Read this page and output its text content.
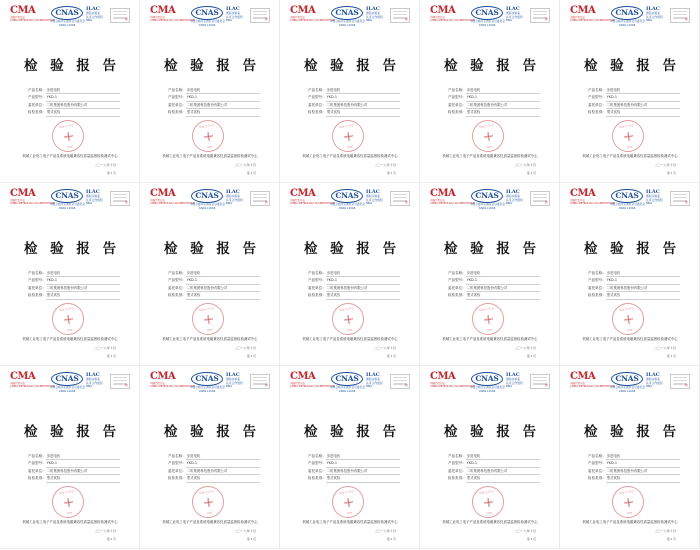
CMA
中国计量认证
CHINA METROLOGY ACCREDITATION
CNAS
中国合格评定国家认可委员会
CNAS L1046
ILAC
国际实验室
认可合作组织
MRA	检
检 验 报 告
产品名称: 步进电机
产品型号: YKD-1
委托单位: 二机集团科技股份有限公司
检验类别: 型式试验
检验专用章
CMA
机械工业电工电子产品及系统电磁兼容性质量监督检验测试中心
二〇一八年十月
第 1 页
CMA
中国计量认证
CHINA METROLOGY ACCREDITATION
CNAS
中国合格评定国家认可委员会
CNAS L1046
ILAC
国际实验室
认可合作组织
MRA	检
检 验 报 告
产品名称: 步进电机
产品型号: YKD-1
委托单位: 二机集团科技股份有限公司
检验类别: 型式试验
检验专用章
CMA
机械工业电工电子产品及系统电磁兼容性质量监督检验测试中心
二〇一八年十月
第 1 页
CMA
中国计量认证
CHINA METROLOGY ACCREDITATION
CNAS
中国合格评定国家认可委员会
CNAS L1046
ILAC
国际实验室
认可合作组织
MRA	检
检 验 报 告
产品名称: 步进电机
产品型号: YKD-1
委托单位: 二机集团科技股份有限公司
检验类别: 型式试验
检验专用章
CMA
机械工业电工电子产品及系统电磁兼容性质量监督检验测试中心
二〇一八年十月
第 1 页
CMA
中国计量认证
CHINA METROLOGY ACCREDITATION
CNAS
中国合格评定国家认可委员会
CNAS L1046
ILAC
国际实验室
认可合作组织
MRA	检
检 验 报 告
产品名称: 步进电机
产品型号: YKD-1
委托单位: 二机集团科技股份有限公司
检验类别: 型式试验
检验专用章
CMA
机械工业电工电子产品及系统电磁兼容性质量监督检验测试中心
二〇一八年十月
第 1 页
CMA
中国计量认证
CHINA METROLOGY ACCREDITATION
CNAS
中国合格评定国家认可委员会
CNAS L1046
ILAC
国际实验室
认可合作组织
MRA	检
检 验 报 告
产品名称: 步进电机
产品型号: YKD-1
委托单位: 二机集团科技股份有限公司
检验类别: 型式试验
检验专用章
CMA
机械工业电工电子产品及系统电磁兼容性质量监督检验测试中心
二〇一八年十月
第 1 页
CMA
中国计量认证
CHINA METROLOGY ACCREDITATION
CNAS
中国合格评定国家认可委员会
CNAS L1046
ILAC
国际实验室
认可合作组织
MRA	检
检 验 报 告
产品名称: 步进电机
产品型号: YKD-1
委托单位: 二机集团科技股份有限公司
检验类别: 型式试验
检验专用章
CMA
机械工业电工电子产品及系统电磁兼容性质量监督检验测试中心
二〇一八年十月
第 1 页
CMA
中国计量认证
CHINA METROLOGY ACCREDITATION
CNAS
中国合格评定国家认可委员会
CNAS L1046
ILAC
国际实验室
认可合作组织
MRA	检
检 验 报 告
产品名称: 步进电机
产品型号: YKD-1
委托单位: 二机集团科技股份有限公司
检验类别: 型式试验
检验专用章
CMA
机械工业电工电子产品及系统电磁兼容性质量监督检验测试中心
二〇一八年十月
第 1 页
CMA
中国计量认证
CHINA METROLOGY ACCREDITATION
CNAS
中国合格评定国家认可委员会
CNAS L1046
ILAC
国际实验室
认可合作组织
MRA	检
检 验 报 告
产品名称: 步进电机
产品型号: YKD-1
委托单位: 二机集团科技股份有限公司
检验类别: 型式试验
检验专用章
CMA
机械工业电工电子产品及系统电磁兼容性质量监督检验测试中心
二〇一八年十月
第 1 页
CMA
中国计量认证
CHINA METROLOGY ACCREDITATION
CNAS
中国合格评定国家认可委员会
CNAS L1046
ILAC
国际实验室
认可合作组织
MRA	检
检 验 报 告
产品名称: 步进电机
产品型号: YKD-1
委托单位: 二机集团科技股份有限公司
检验类别: 型式试验
检验专用章
CMA
机械工业电工电子产品及系统电磁兼容性质量监督检验测试中心
二〇一八年十月
第 1 页
CMA
中国计量认证
CHINA METROLOGY ACCREDITATION
CNAS
中国合格评定国家认可委员会
CNAS L1046
ILAC
国际实验室
认可合作组织
MRA	检
检 验 报 告
产品名称: 步进电机
产品型号: YKD-1
委托单位: 二机集团科技股份有限公司
检验类别: 型式试验
检验专用章
CMA
机械工业电工电子产品及系统电磁兼容性质量监督检验测试中心
二〇一八年十月
第 1 页
CMA
中国计量认证
CHINA METROLOGY ACCREDITATION
CNAS
中国合格评定国家认可委员会
CNAS L1046
ILAC
国际实验室
认可合作组织
MRA	检
检 验 报 告
产品名称: 步进电机
产品型号: YKD-1
委托单位: 二机集团科技股份有限公司
检验类别: 型式试验
检验专用章
CMA
机械工业电工电子产品及系统电磁兼容性质量监督检验测试中心
二〇一八年十月
第 1 页
CMA
中国计量认证
CHINA METROLOGY ACCREDITATION
CNAS
中国合格评定国家认可委员会
CNAS L1046
ILAC
国际实验室
认可合作组织
MRA	检
检 验 报 告
产品名称: 步进电机
产品型号: YKD-1
委托单位: 二机集团科技股份有限公司
检验类别: 型式试验
检验专用章
CMA
机械工业电工电子产品及系统电磁兼容性质量监督检验测试中心
二〇一八年十月
第 1 页
CMA
中国计量认证
CHINA METROLOGY ACCREDITATION
CNAS
中国合格评定国家认可委员会
CNAS L1046
ILAC
国际实验室
认可合作组织
MRA	检
检 验 报 告
产品名称: 步进电机
产品型号: YKD-1
委托单位: 二机集团科技股份有限公司
检验类别: 型式试验
检验专用章
CMA
机械工业电工电子产品及系统电磁兼容性质量监督检验测试中心
二〇一八年十月
第 1 页
CMA
中国计量认证
CHINA METROLOGY ACCREDITATION
CNAS
中国合格评定国家认可委员会
CNAS L1046
ILAC
国际实验室
认可合作组织
MRA	检
检 验 报 告
产品名称: 步进电机
产品型号: YKD-1
委托单位: 二机集团科技股份有限公司
检验类别: 型式试验
检验专用章
CMA
机械工业电工电子产品及系统电磁兼容性质量监督检验测试中心
二〇一八年十月
第 1 页
CMA
中国计量认证
CHINA METROLOGY ACCREDITATION
CNAS
中国合格评定国家认可委员会
CNAS L1046
ILAC
国际实验室
认可合作组织
MRA	检
检 验 报 告
产品名称: 步进电机
产品型号: YKD-1
委托单位: 二机集团科技股份有限公司
检验类别: 型式试验
检验专用章
CMA
机械工业电工电子产品及系统电磁兼容性质量监督检验测试中心
二〇一八年十月
第 1 页
